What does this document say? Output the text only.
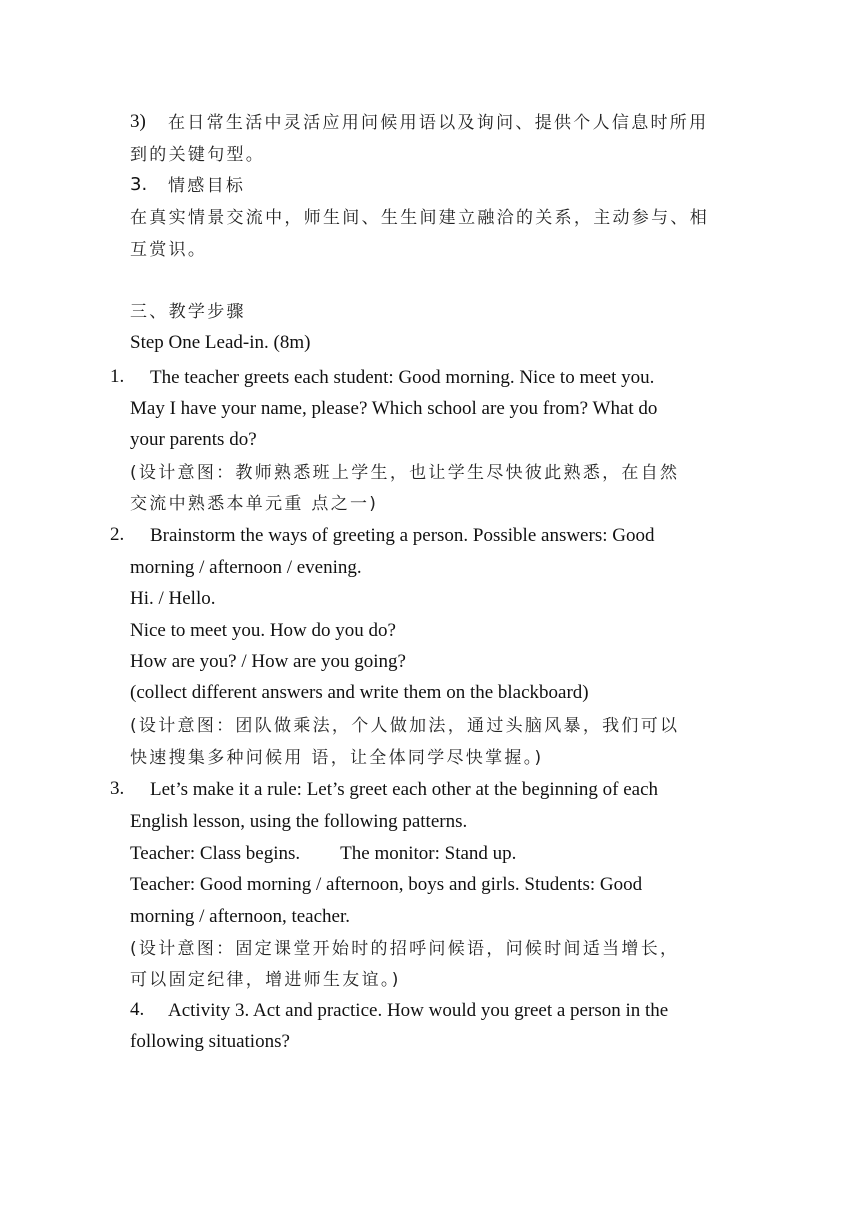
3) 在日常生活中灵活应用问候用语以及询问、提供个人信息时所用
到的关键句型。
3. 情感目标
在真实情景交流中，师生间、生生间建立融洽的关系，主动参与、相
互赏识。
三、教学步骤
Step One Lead-in. (8m)
1. The teacher greets each student: Good morning. Nice to meet you.
May I have your name, please? Which school are you from? What do
your parents do?
(设计意图：教师熟悉班上学生，也让学生尽快彼此熟悉，在自然
交流中熟悉本单元重 点之一)
2. Brainstorm the ways of greeting a person. Possible answers: Good
morning / afternoon / evening.
Hi. / Hello.
Nice to meet you. How do you do?
How are you? / How are you going?
(collect different answers and write them on the blackboard)
(设计意图：团队做乘法，个人做加法，通过头脑风暴，我们可以
快速搜集多种问候用 语，让全体同学尽快掌握。)
3. Let’s make it a rule: Let’s greet each other at the beginning of each
English lesson, using the following patterns.
Teacher: Class begins. The monitor: Stand up.
Teacher: Good morning / afternoon, boys and girls. Students: Good
morning / afternoon, teacher.
(设计意图：固定课堂开始时的招呼问候语，问候时间适当增长，
可以固定纪律，增进师生友谊。)
4. Activity 3. Act and practice. How would you greet a person in the
following situations?
